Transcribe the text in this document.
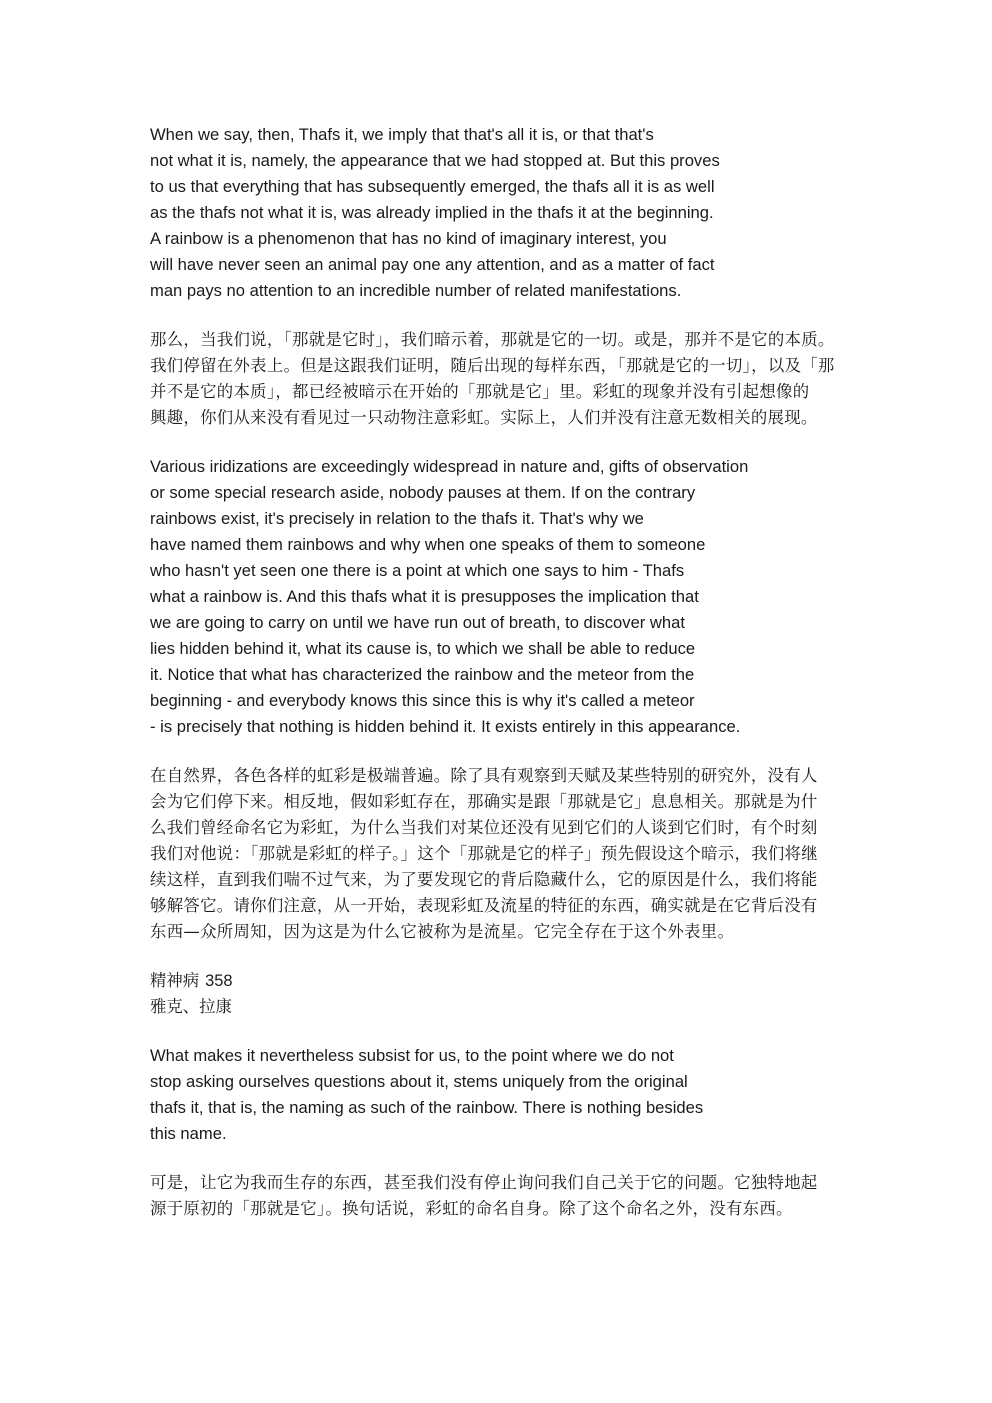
When we say, then, Thafs it, we imply that that's all it is, or that that's
not what it is, namely, the appearance that we had stopped at. But this proves
to us that everything that has subsequently emerged, the thafs all it is as well
as the thafs not what it is, was already implied in the thafs it at the beginning.
A rainbow is a phenomenon that has no kind of imaginary interest, you
will have never seen an animal pay one any attention, and as a matter of fact
man pays no attention to an incredible number of related manifestations.
那么，当我们说，「那就是它时」，我们暗示着，那就是它的一切。或是，那并不是它的本质。
我们停留在外表上。但是这跟我们证明，随后出现的每样东西，「那就是它的一切」，以及「那
并不是它的本质」，都已经被暗示在开始的「那就是它」里。彩虹的现象并没有引起想像的
興趣，你们从来没有看见过一只动物注意彩虹。实际上，人们并没有注意无数相关的展现。
Various iridizations are exceedingly widespread in nature and, gifts of observation
or some special research aside, nobody pauses at them. If on the contrary
rainbows exist, it's precisely in relation to the thafs it. That's why we
have named them rainbows and why when one speaks of them to someone
who hasn't yet seen one there is a point at which one says to him - Thafs
what a rainbow is. And this thafs what it is presupposes the implication that
we are going to carry on until we have run out of breath, to discover what
lies hidden behind it, what its cause is, to which we shall be able to reduce
it. Notice that what has characterized the rainbow and the meteor from the
beginning - and everybody knows this since this is why it's called a meteor
- is precisely that nothing is hidden behind it. It exists entirely in this appearance.
在自然界，各色各样的虹彩是极端普遍。除了具有观察到天赋及某些特别的研究外，没有人
会为它们停下来。相反地，假如彩虹存在，那确实是跟「那就是它」息息相关。那就是为什
么我们曾经命名它为彩虹，为什么当我们对某位还没有见到它们的人谈到它们时，有个时刻
我们对他说：「那就是彩虹的样子。」这个「那就是它的样子」预先假设这个暗示，我们将继
续这样，直到我们喘不过气来，为了要发现它的背后隐藏什么，它的原因是什么，我们将能
够解答它。请你们注意，从一开始，表现彩虹及流星的特征的东西，确实就是在它背后没有
东西—众所周知，因为这是为什么它被称为是流星。它完全存在于这个外表里。
精神病 358
雅克、拉康
What makes it nevertheless subsist for us, to the point where we do not
stop asking ourselves questions about it, stems uniquely from the original
thafs it, that is, the naming as such of the rainbow. There is nothing besides
this name.
可是，让它为我而生存的东西，甚至我们没有停止询问我们自己关于它的问题。它独特地起
源于原初的「那就是它」。换句话说，彩虹的命名自身。除了这个命名之外，没有东西。
